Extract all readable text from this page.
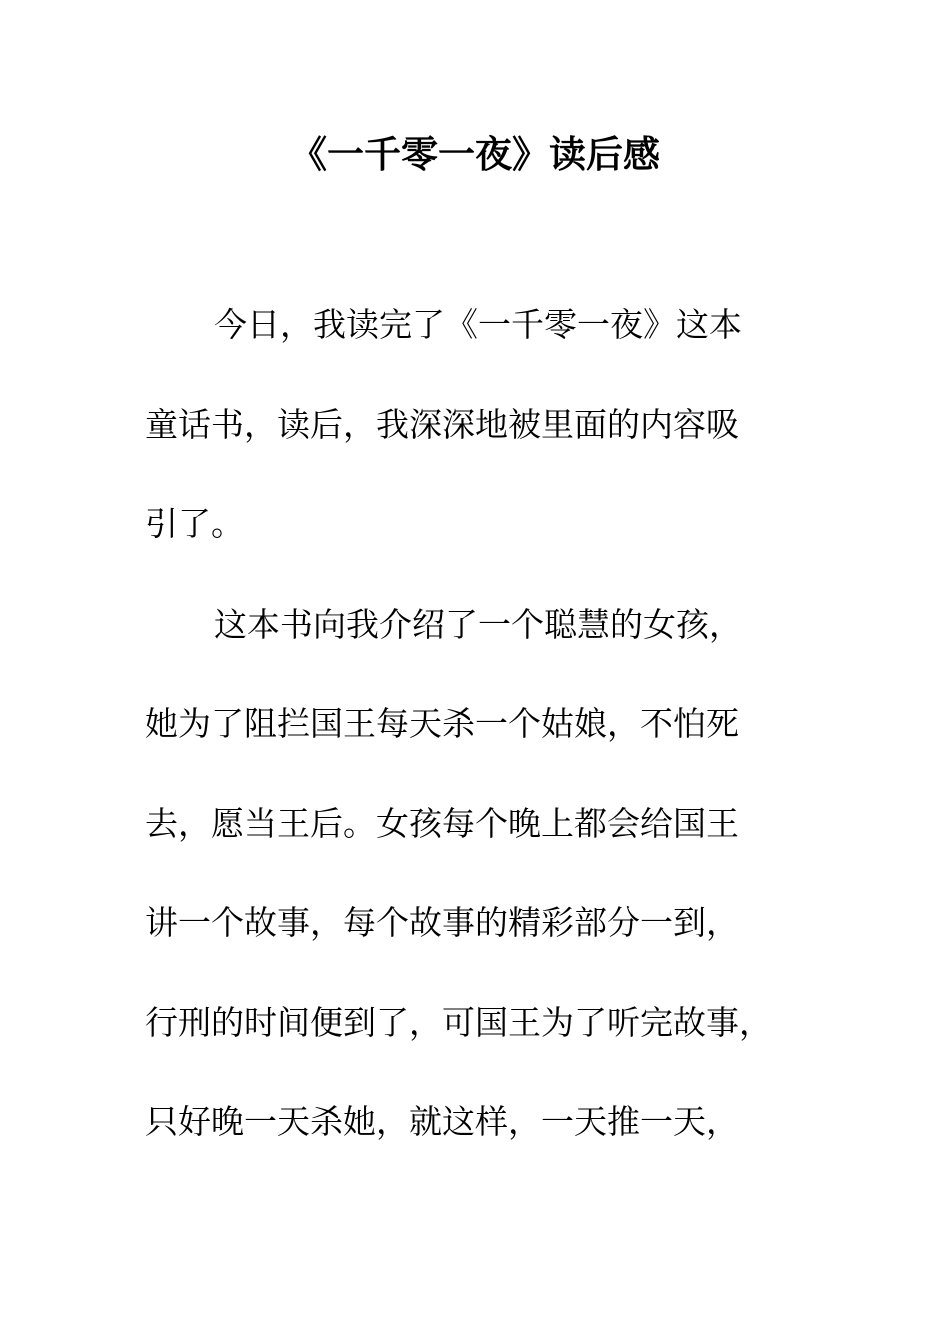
《一千零一夜》读后感

今日，我读完了《一千零一夜》这本

童话书，读后，我深深地被里面的内容吸

引了。

这本书向我介绍了一个聪慧的女孩，

她为了阻拦国王每天杀一个姑娘，不怕死

去，愿当王后。女孩每个晚上都会给国王

讲一个故事，每个故事的精彩部分一到，

行刑的时间便到了，可国王为了听完故事，

只好晚一天杀她，就这样，一天推一天，
